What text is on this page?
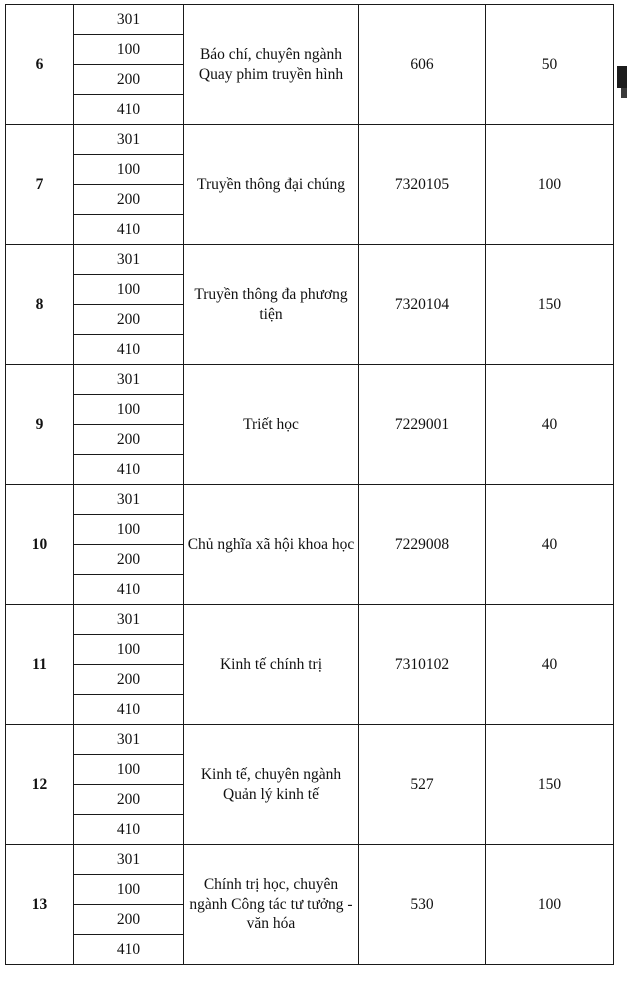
6	301	Báo chí, chuyên ngành Quay phim truyền hình	606	50
	100			
	200			
	410			
7	301	Truyền thông đại chúng	7320105	100
	100			
	200			
	410			
8	301	Truyền thông đa phương tiện	7320104	150
	100			
	200			
	410			
9	301	Triết học	7229001	40
	100			
	200			
	410			
10	301	Chủ nghĩa xã hội khoa học	7229008	40
	100			
	200			
	410			
11	301	Kinh tế chính trị	7310102	40
	100			
	200			
	410			
12	301	Kinh tế, chuyên ngành Quản lý kinh tế	527	150
	100			
	200			
	410			
13	301	Chính trị học, chuyên ngành Công tác tư tưởng - văn hóa	530	100
	100			
	200			
	410			
